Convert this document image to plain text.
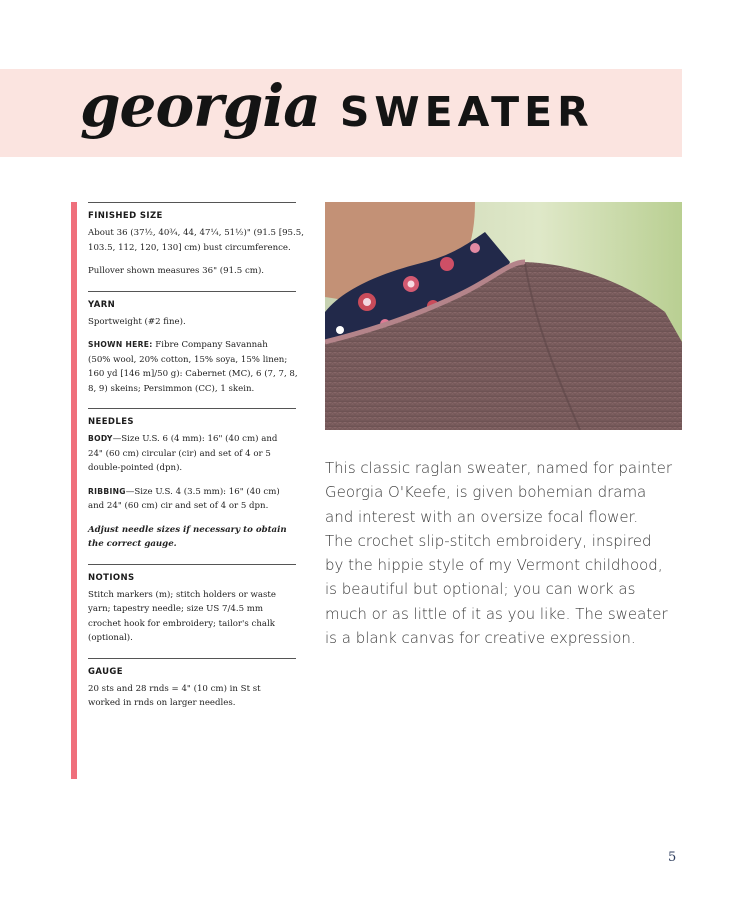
georgia SWEATER
FINISHED SIZE

About 36 (37½, 40¾, 44, 47¼, 51½)" (91.5 [95.5,
103.5, 112, 120, 130] cm) bust circumference.

Pullover shown measures 36" (91.5 cm).

YARN

Sportweight (#2 fine).

SHOWN HERE: Fibre Company Savannah
(50% wool, 20% cotton, 15% soya, 15% linen;
160 yd [146 m]/50 g): Cabernet (MC), 6 (7, 7, 8,
8, 9) skeins; Persimmon (CC), 1 skein.

NEEDLES

BODY—Size U.S. 6 (4 mm): 16" (40 cm) and
24" (60 cm) circular (cir) and set of 4 or 5
double-pointed (dpn).

RIBBING—Size U.S. 4 (3.5 mm): 16" (40 cm)
and 24" (60 cm) cir and set of 4 or 5 dpn.

Adjust needle sizes if necessary to obtain
the correct gauge.

NOTIONS

Stitch markers (m); stitch holders or waste
yarn; tapestry needle; size US 7/4.5 mm
crochet hook for embroidery; tailor's chalk
(optional).

GAUGE

20 sts and 28 rnds = 4" (10 cm) in St st
worked in rnds on larger needles.

This classic raglan sweater, named for painter
Georgia O'Keefe, is given bohemian drama
and interest with an oversize focal flower.
The crochet slip-stitch embroidery, inspired
by the hippie style of my Vermont childhood,
is beautiful but optional; you can work as
much or as little of it as you like. The sweater
is a blank canvas for creative expression.
5
